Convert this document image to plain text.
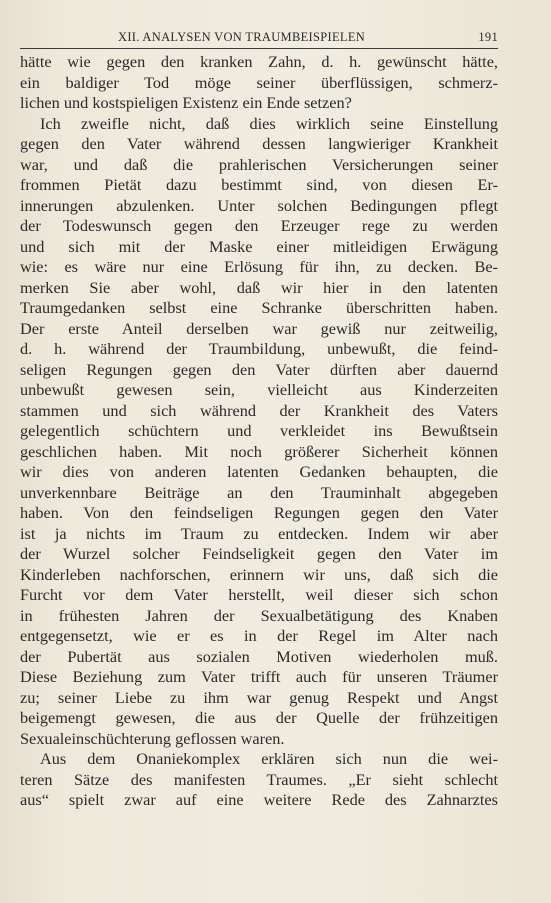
XII. ANALYSEN VON TRAUMBEISPIELEN	191
hätte wie gegen den kranken Zahn, d. h. gewünscht hätte,
ein baldiger Tod möge seiner überflüssigen, schmerz-
lichen und kostspieligen Existenz ein Ende setzen?
Ich zweifle nicht, daß dies wirklich seine Einstellung
gegen den Vater während dessen langwieriger Krankheit
war, und daß die prahlerischen Versicherungen seiner
frommen Pietät dazu bestimmt sind, von diesen Er-
innerungen abzulenken. Unter solchen Bedingungen pflegt
der Todeswunsch gegen den Erzeuger rege zu werden
und sich mit der Maske einer mitleidigen Erwägung
wie: es wäre nur eine Erlösung für ihn, zu decken. Be-
merken Sie aber wohl, daß wir hier in den latenten
Traumgedanken selbst eine Schranke überschritten haben.
Der erste Anteil derselben war gewiß nur zeitweilig,
d. h. während der Traumbildung, unbewußt, die feind-
seligen Regungen gegen den Vater dürften aber dauernd
unbewußt gewesen sein, vielleicht aus Kinderzeiten
stammen und sich während der Krankheit des Vaters
gelegentlich schüchtern und verkleidet ins Bewußtsein
geschlichen haben. Mit noch größerer Sicherheit können
wir dies von anderen latenten Gedanken behaupten, die
unverkennbare Beiträge an den Trauminhalt abgegeben
haben. Von den feindseligen Regungen gegen den Vater
ist ja nichts im Traum zu entdecken. Indem wir aber
der Wurzel solcher Feindseligkeit gegen den Vater im
Kinderleben nachforschen, erinnern wir uns, daß sich die
Furcht vor dem Vater herstellt, weil dieser sich schon
in frühesten Jahren der Sexualbetätigung des Knaben
entgegensetzt, wie er es in der Regel im Alter nach
der Pubertät aus sozialen Motiven wiederholen muß.
Diese Beziehung zum Vater trifft auch für unseren Träumer
zu; seiner Liebe zu ihm war genug Respekt und Angst
beigemengt gewesen, die aus der Quelle der frühzeitigen
Sexualeinschüchterung geflossen waren.
Aus dem Onaniekomplex erklären sich nun die wei-
teren Sätze des manifesten Traumes. „Er sieht schlecht
aus“ spielt zwar auf eine weitere Rede des Zahnarztes
